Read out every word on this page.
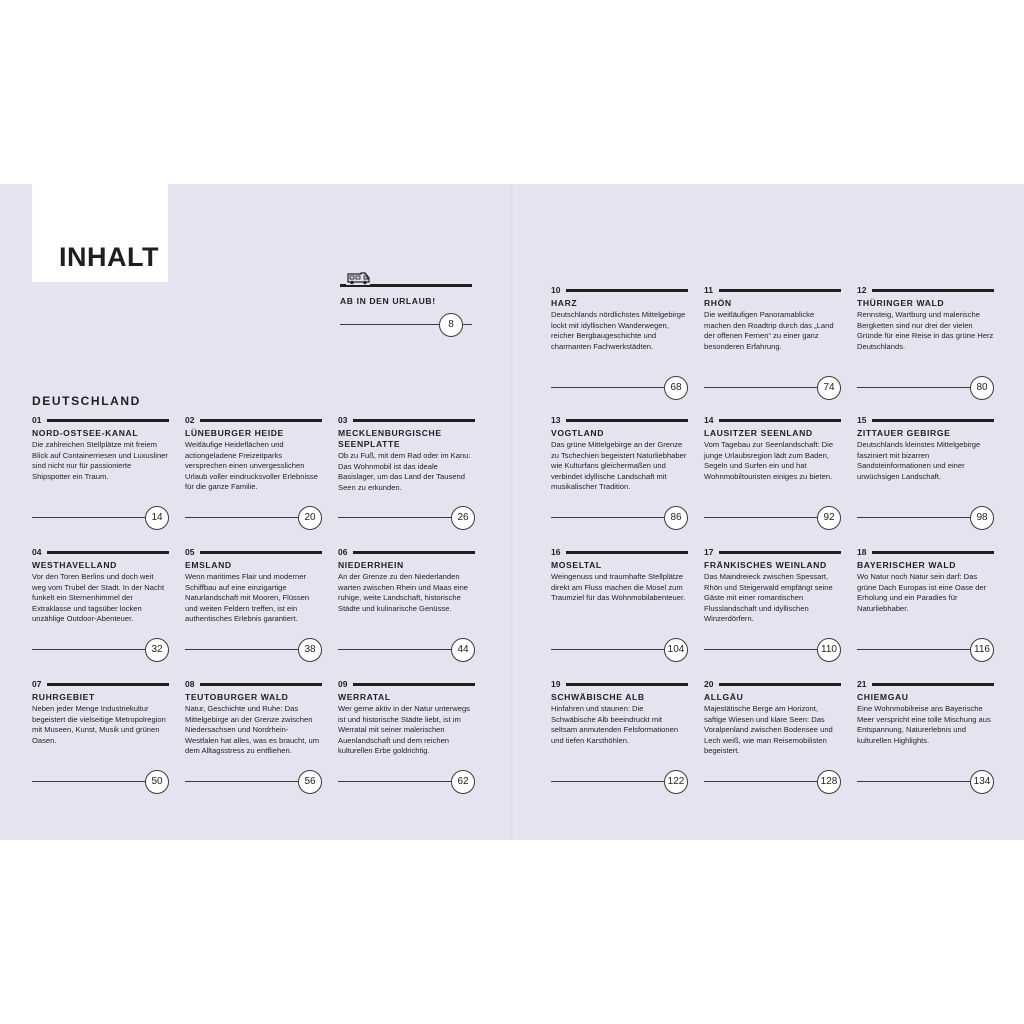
INHALT
AB IN DEN URLAUB!
8
DEUTSCHLAND
01
NORD-OSTSEE-KANAL
Die zahlreichen Stellplätze mit freiem Blick auf Containerriesen und Luxusliner sind nicht nur für passionierte Shipspotter ein Traum.
14
02
LÜNEBURGER HEIDE
Weitläufige Heideflächen und actiongeladene Freizeitparks versprechen einen unvergesslichen Urlaub voller eindrucksvoller Erlebnisse für die ganze Familie.
20
03
MECKLENBURGISCHE SEENPLATTE
Ob zu Fuß, mit dem Rad oder im Kanu: Das Wohnmobil ist das ideale Basislager, um das Land der Tausend Seen zu erkunden.
26
04
WESTHAVELLAND
Vor den Toren Berlins und doch weit weg vom Trubel der Stadt. In der Nacht funkelt ein Sternenhimmel der Extraklasse und tagsüber locken unzählige Outdoor-Abenteuer.
32
05
EMSLAND
Wenn maritimes Flair und moderner Schiffbau auf eine einzigartige Naturlandschaft mit Mooren, Flüssen und weiten Feldern treffen, ist ein authentisches Erlebnis garantiert.
38
06
NIEDERRHEIN
An der Grenze zu den Niederlanden warten zwischen Rhein und Maas eine ruhige, weite Landschaft, historische Städte und kulinarische Genüsse.
44
07
RUHRGEBIET
Neben jeder Menge Industriekultur begeistert die vielseitige Metropolregion mit Museen, Kunst, Musik und grünen Oasen.
50
08
TEUTOBURGER WALD
Natur, Geschichte und Ruhe: Das Mittelgebirge an der Grenze zwischen Niedersachsen und Nordrhein-Westfalen hat alles, was es braucht, um dem Alltagsstress zu entfliehen.
56
09
WERRATAL
Wer gerne aktiv in der Natur unterwegs ist und historische Städte liebt, ist im Werratal mit seiner malerischen Auenlandschaft und dem reichen kulturellen Erbe goldrichtig.
62
10
HARZ
Deutschlands nördlichstes Mittelgebirge lockt mit idyllischen Wanderwegen, reicher Bergbaugeschichte und charmanten Fachwerkstädten.
68
11
RHÖN
Die weitläufigen Panoramablicke machen den Roadtrip durch das „Land der offenen Fernen“ zu einer ganz besonderen Erfahrung.
74
12
THÜRINGER WALD
Rennsteig, Wartburg und malerische Bergketten sind nur drei der vielen Gründe für eine Reise in das grüne Herz Deutschlands.
80
13
VOGTLAND
Das grüne Mittelgebirge an der Grenze zu Tschechien begeistert Naturliebhaber wie Kulturfans gleichermaßen und verbindet idyllische Landschaft mit musikalischer Tradition.
86
14
LAUSITZER SEENLAND
Vom Tagebau zur Seenlandschaft: Die junge Urlaubsregion lädt zum Baden, Segeln und Surfen ein und hat Wohnmobiltouristen einiges zu bieten.
92
15
ZITTAUER GEBIRGE
Deutschlands kleinstes Mittelgebirge fasziniert mit bizarren Sandsteinformationen und einer urwüchsigen Landschaft.
98
16
MOSELTAL
Weingenuss und traumhafte Stellplätze direkt am Fluss machen die Mosel zum Traumziel für das Wohnmobilabenteuer.
104
17
FRÄNKISCHES WEINLAND
Das Maindreieck zwischen Spessart, Rhön und Steigerwald empfängt seine Gäste mit einer romantischen Flusslandschaft und idyllischen Winzerdörfern.
110
18
BAYERISCHER WALD
Wo Natur noch Natur sein darf: Das grüne Dach Europas ist eine Oase der Erholung und ein Paradies für Naturliebhaber.
116
19
SCHWÄBISCHE ALB
Hinfahren und staunen: Die Schwäbische Alb beeindruckt mit seltsam anmutenden Felsformationen und tiefen Karsthöhlen.
122
20
ALLGÄU
Majestätische Berge am Horizont, saftige Wiesen und klare Seen: Das Voralpenland zwischen Bodensee und Lech weiß, wie man Reisemobilisten begeistert.
128
21
CHIEMGAU
Eine Wohnmobilreise ans Bayerische Meer verspricht eine tolle Mischung aus Entspannung, Naturerlebnis und kulturellen Highlights.
134
